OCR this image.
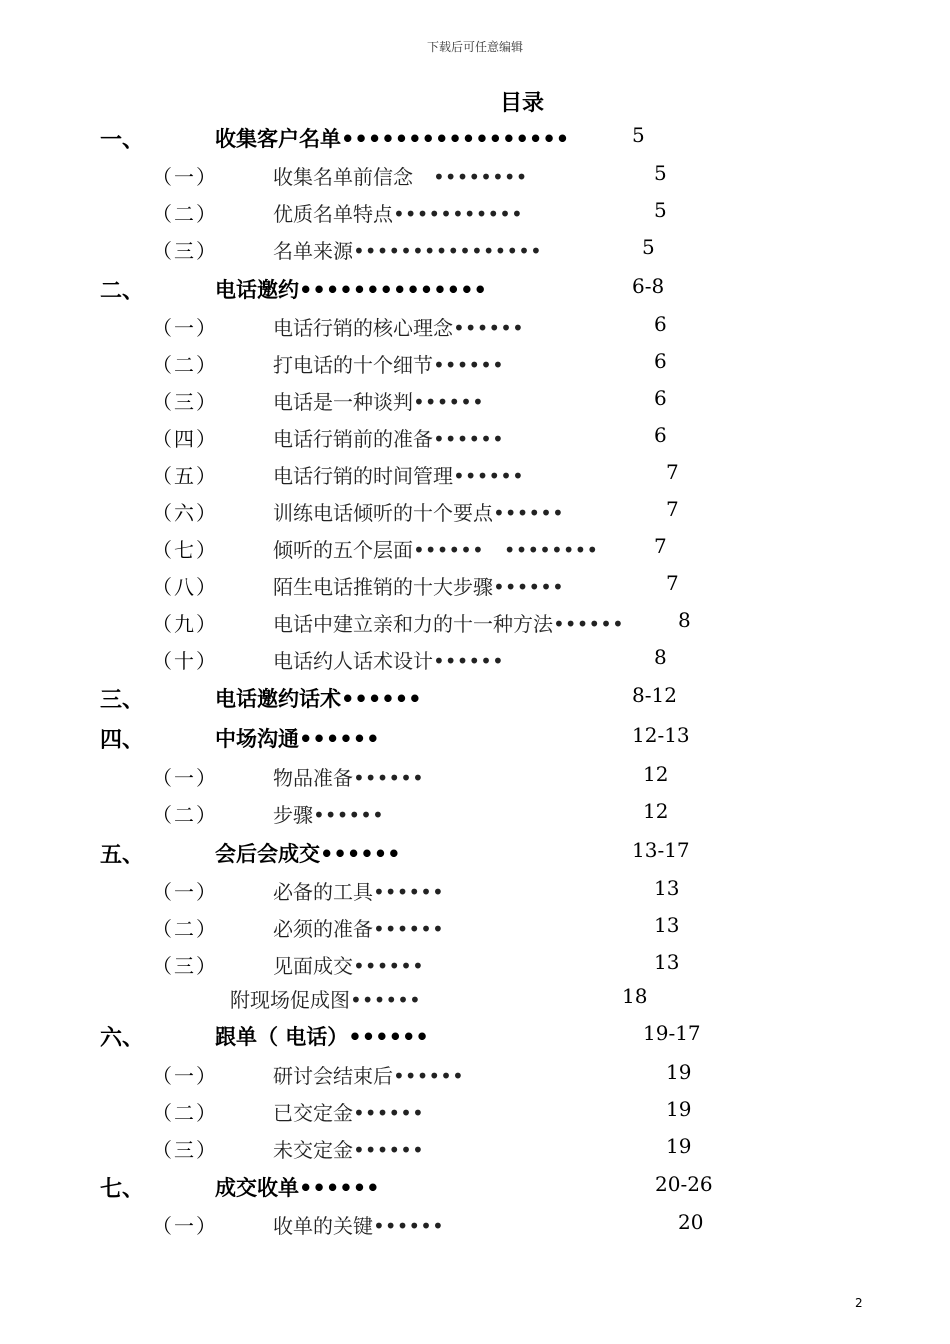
下载后可任意编辑
目录
一、	收集客户名单•••••••••••••••••	5
（一）	收集名单前信念　••••••••	5
（二）	优质名单特点•••••••••••	5
（三）	名单来源••••••••••••••••	5
二、	电话邀约••••••••••••••	6-8
（一）	电话行销的核心理念••••••	6
（二）	打电话的十个细节••••••	6
（三）	电话是一种谈判••••••	6
（四）	电话行销前的准备••••••	6
（五）	电话行销的时间管理••••••	7
（六）	训练电话倾听的十个要点••••••	7
（七）	倾听的五个层面••••••　••••••••	7
（八）	陌生电话推销的十大步骤••••••	7
（九）	电话中建立亲和力的十一种方法••••••	8
（十）	电话约人话术设计••••••	8
三、	电话邀约话术••••••	8-12
四、	中场沟通••••••	12-13
（一）	物品准备••••••	12
（二）	步骤••••••	12
五、	会后会成交••••••	13-17
（一）	必备的工具••••••	13
（二）	必须的准备••••••	13
（三）	见面成交••••••	13
附现场促成图••••••	18
六、	跟单（ 电话）••••••	19-17
（一）	研讨会结束后••••••	19
（二）	已交定金••••••	19
（三）	未交定金••••••	19
七、	成交收单••••••	20-26
（一）	收单的关键••••••	20
2
